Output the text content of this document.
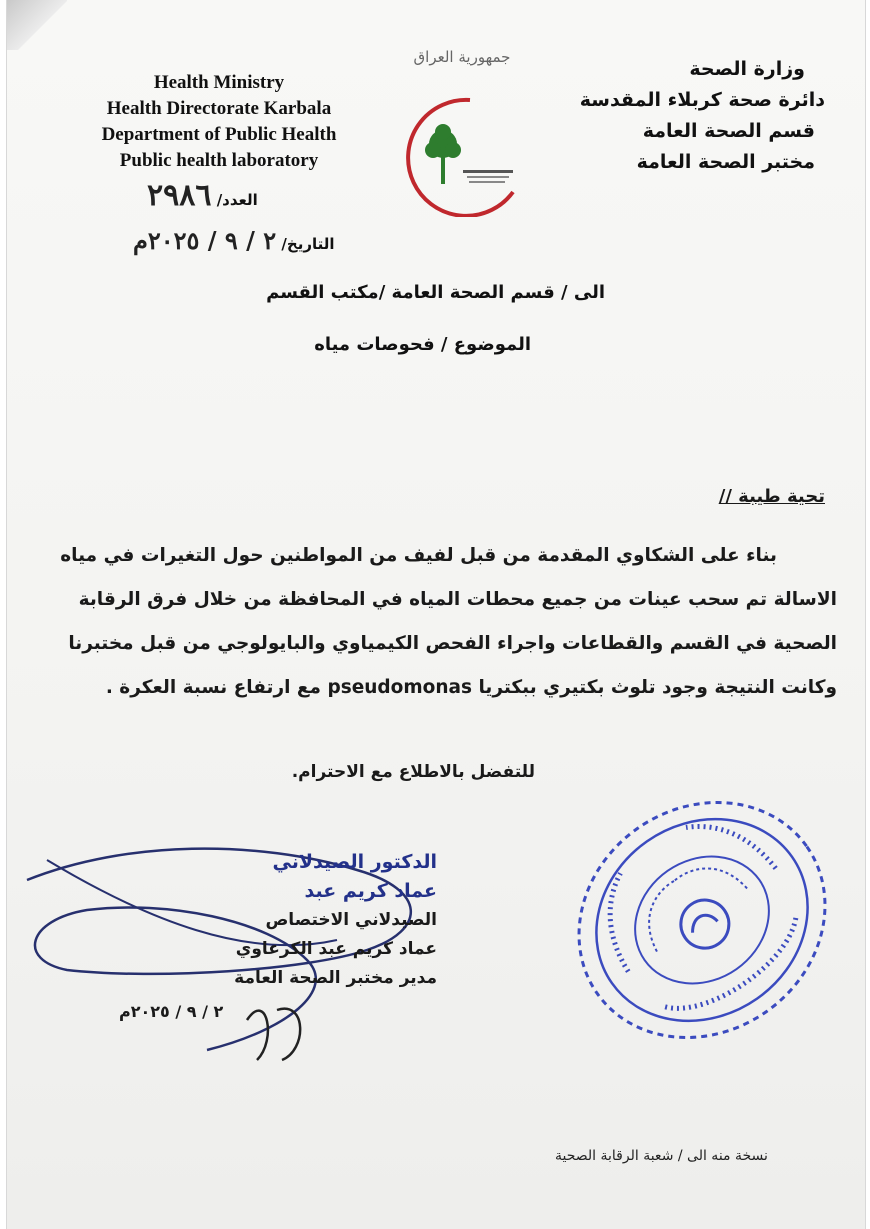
Health Ministry
Health Directorate Karbala
Department of Public Health
Public health laboratory
وزارة الصحة
دائرة صحة كربلاء المقدسة
قسم الصحة العامة
مختبر الصحة العامة
جمهورية العراق
العدد/ ٢٩٨٦
التاريخ/ ٢ / ٩ / ٢٠٢٥م
الى / قسم الصحة العامة /مكتب القسم
الموضوع / فحوصات مياه
تحية طيبة //

بناء على الشكاوي المقدمة من قبل لفيف من المواطنين حول التغيرات في مياه

الاسالة تم سحب عينات من جميع محطات المياه في المحافظة من خلال فرق الرقابة

الصحية في القسم والقطاعات واجراء الفحص الكيمياوي والبايولوجي من قبل مختبرنا

وكانت النتيجة وجود تلوث بكتيري ببكتريا pseudomonas مع ارتفاع نسبة العكرة .

للتفضل بالاطلاع مع الاحترام.
الدكتور الصيدلاني
عماد كريم عبد
الصيدلاني الاختصاص
عماد كريم عبد الكرعاوي
مدير مختبر الصحة العامة
٢ / ٩ / ٢٠٢٥م
نسخة منه الى / شعبة الرقابة الصحية
